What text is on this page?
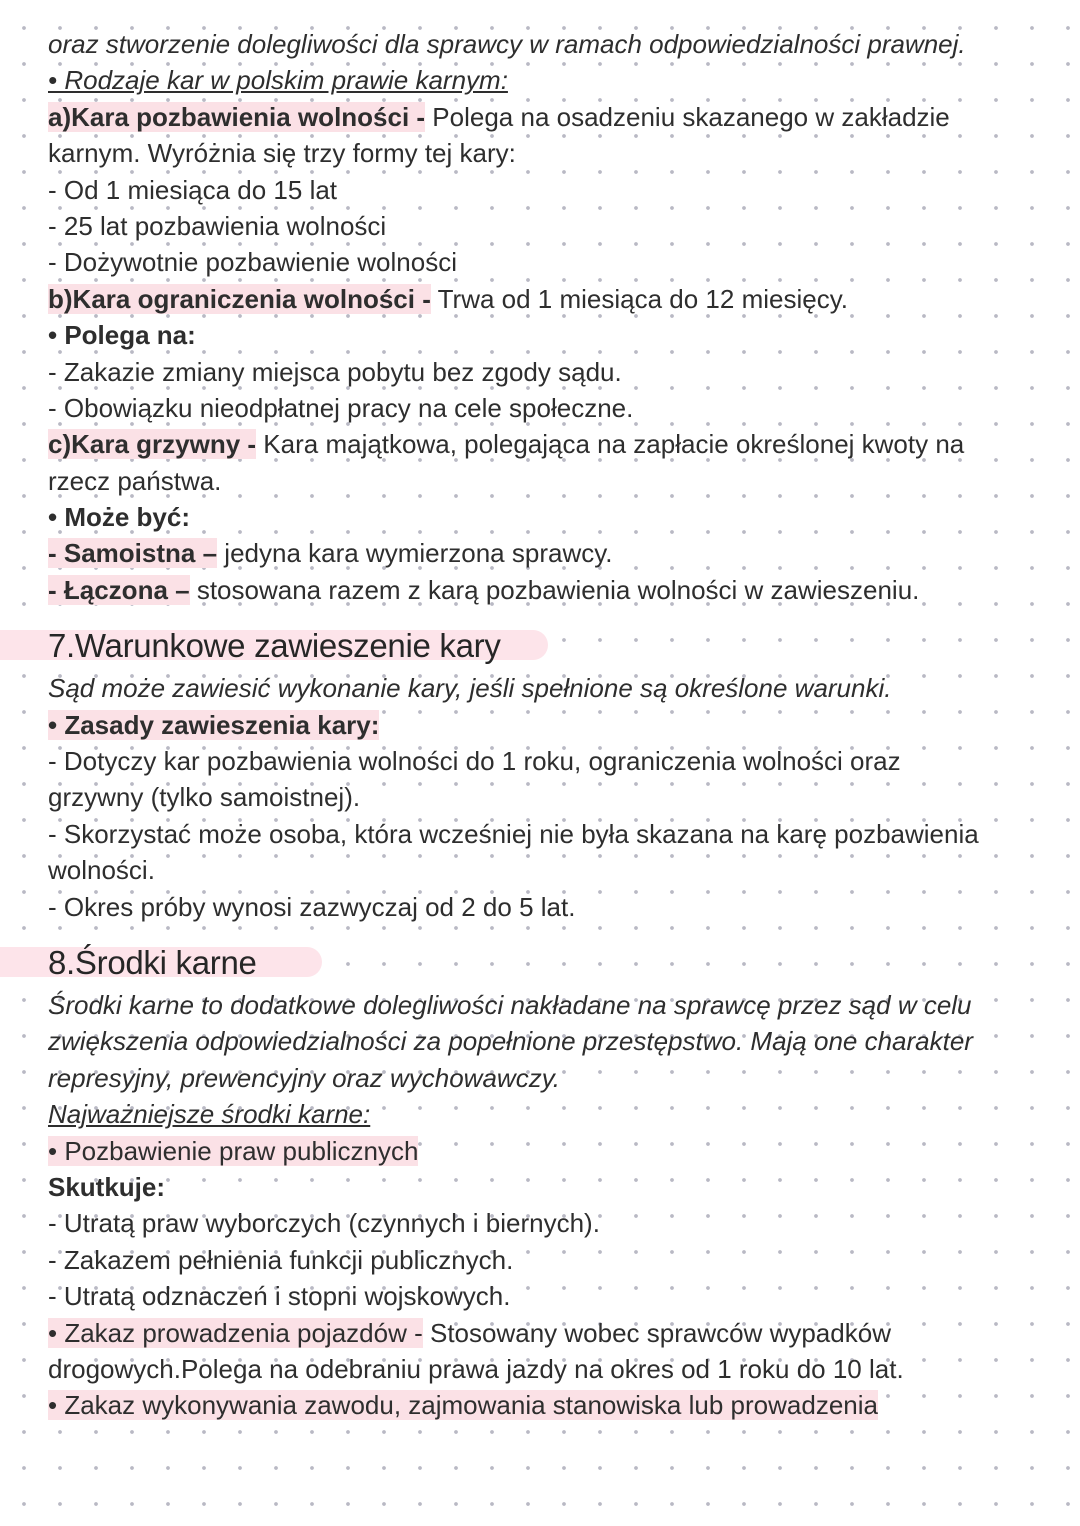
oraz stworzenie dolegliwości dla sprawcy w ramach odpowiedzialności prawnej.
• Rodzaje kar w polskim prawie karnym:
a)Kara pozbawienia wolności - Polega na osadzeniu skazanego w zakładzie
karnym. Wyróżnia się trzy formy tej kary:
- Od 1 miesiąca do 15 lat
- 25 lat pozbawienia wolności
- Dożywotnie pozbawienie wolności
b)Kara ograniczenia wolności - Trwa od 1 miesiąca do 12 miesięcy.
• Polega na:
- Zakazie zmiany miejsca pobytu bez zgody sądu.
- Obowiązku nieodpłatnej pracy na cele społeczne.
c)Kara grzywny - Kara majątkowa, polegająca na zapłacie określonej kwoty na
rzecz państwa.
• Może być:
- Samoistna – jedyna kara wymierzona sprawcy.
- Łączona – stosowana razem z karą pozbawienia wolności w zawieszeniu.
7.Warunkowe zawieszenie kary
Sąd może zawiesić wykonanie kary, jeśli spełnione są określone warunki.
• Zasady zawieszenia kary:
- Dotyczy kar pozbawienia wolności do 1 roku, ograniczenia wolności oraz
grzywny (tylko samoistnej).
- Skorzystać może osoba, która wcześniej nie była skazana na karę pozbawienia
wolności.
- Okres próby wynosi zazwyczaj od 2 do 5 lat.
8.Środki karne
Środki karne to dodatkowe dolegliwości nakładane na sprawcę przez sąd w celu
zwiększenia odpowiedzialności za popełnione przestępstwo. Mają one charakter
represyjny, prewencyjny oraz wychowawczy.
Najważniejsze środki karne:
• Pozbawienie praw publicznych
Skutkuje:
- Utratą praw wyborczych (czynnych i biernych).
- Zakazem pełnienia funkcji publicznych.
- Utratą odznaczeń i stopni wojskowych.
• Zakaz prowadzenia pojazdów - Stosowany wobec sprawców wypadków
drogowych.Polega na odebraniu prawa jazdy na okres od 1 roku do 10 lat.
• Zakaz wykonywania zawodu, zajmowania stanowiska lub prowadzenia
